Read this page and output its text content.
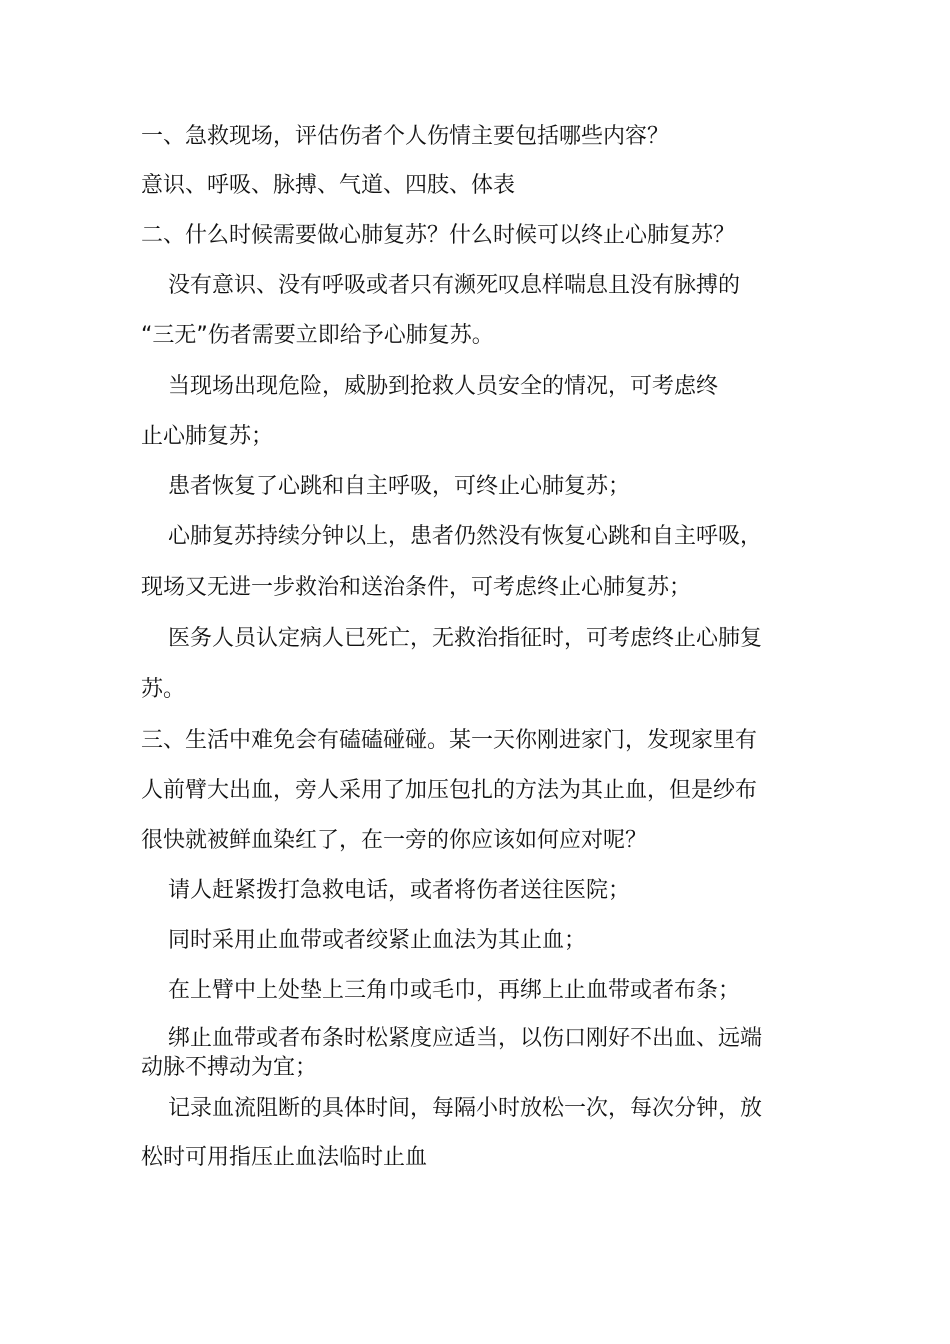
一、急救现场，评估伤者个人伤情主要包括哪些内容？
意识、呼吸、脉搏、气道、四肢、体表
二、什么时候需要做心肺复苏？什么时候可以终止心肺复苏？
没有意识、没有呼吸或者只有濒死叹息样喘息且没有脉搏的
“三无”伤者需要立即给予心肺复苏。
当现场出现危险，威胁到抢救人员安全的情况，可考虑终
止心肺复苏；
患者恢复了心跳和自主呼吸，可终止心肺复苏；
心肺复苏持续分钟以上，患者仍然没有恢复心跳和自主呼吸，
现场又无进一步救治和送治条件，可考虑终止心肺复苏；
医务人员认定病人已死亡，无救治指征时，可考虑终止心肺复
苏。
三、生活中难免会有磕磕碰碰。某一天你刚进家门，发现家里有
人前臂大出血，旁人采用了加压包扎的方法为其止血，但是纱布
很快就被鲜血染红了，在一旁的你应该如何应对呢？
请人赶紧拨打急救电话，或者将伤者送往医院；
同时采用止血带或者绞紧止血法为其止血；
在上臂中上处垫上三角巾或毛巾，再绑上止血带或者布条；
绑止血带或者布条时松紧度应适当，以伤口刚好不出血、远端
动脉不搏动为宜；
记录血流阻断的具体时间，每隔小时放松一次，每次分钟，放
松时可用指压止血法临时止血
